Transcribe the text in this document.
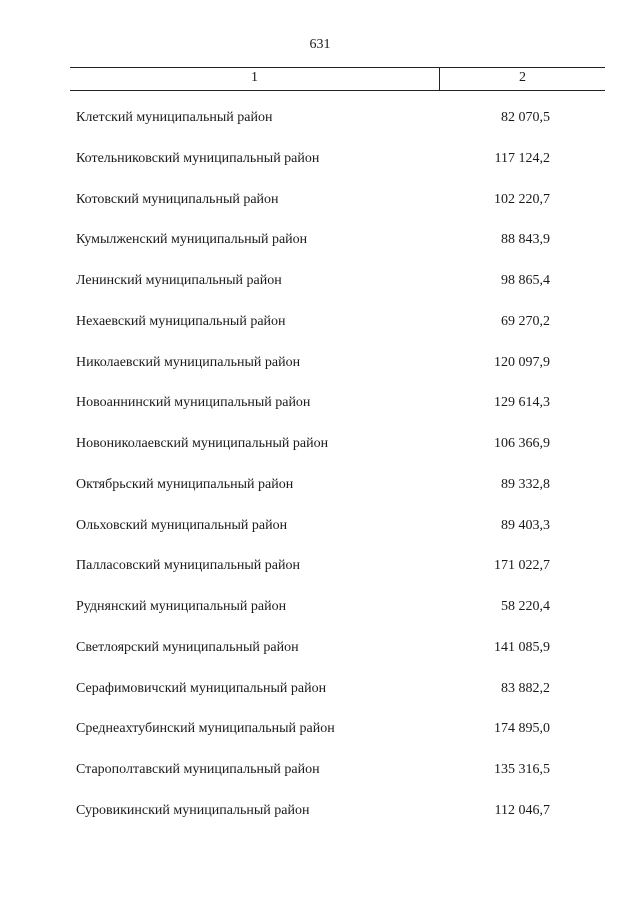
631
1	2
Клетский муниципальный район	82 070,5
Котельниковский муниципальный район	117 124,2
Котовский муниципальный район	102 220,7
Кумылженский муниципальный район	88 843,9
Ленинский муниципальный район	98 865,4
Нехаевский муниципальный район	69 270,2
Николаевский муниципальный район	120 097,9
Новоаннинский муниципальный район	129 614,3
Новониколаевский муниципальный район	106 366,9
Октябрьский муниципальный район	89 332,8
Ольховский муниципальный район	89 403,3
Палласовский муниципальный район	171 022,7
Руднянский муниципальный район	58 220,4
Светлоярский муниципальный район	141 085,9
Серафимовичский муниципальный район	83 882,2
Среднеахтубинский муниципальный район	174 895,0
Старополтавский муниципальный район	135 316,5
Суровикинский муниципальный район	112 046,7
